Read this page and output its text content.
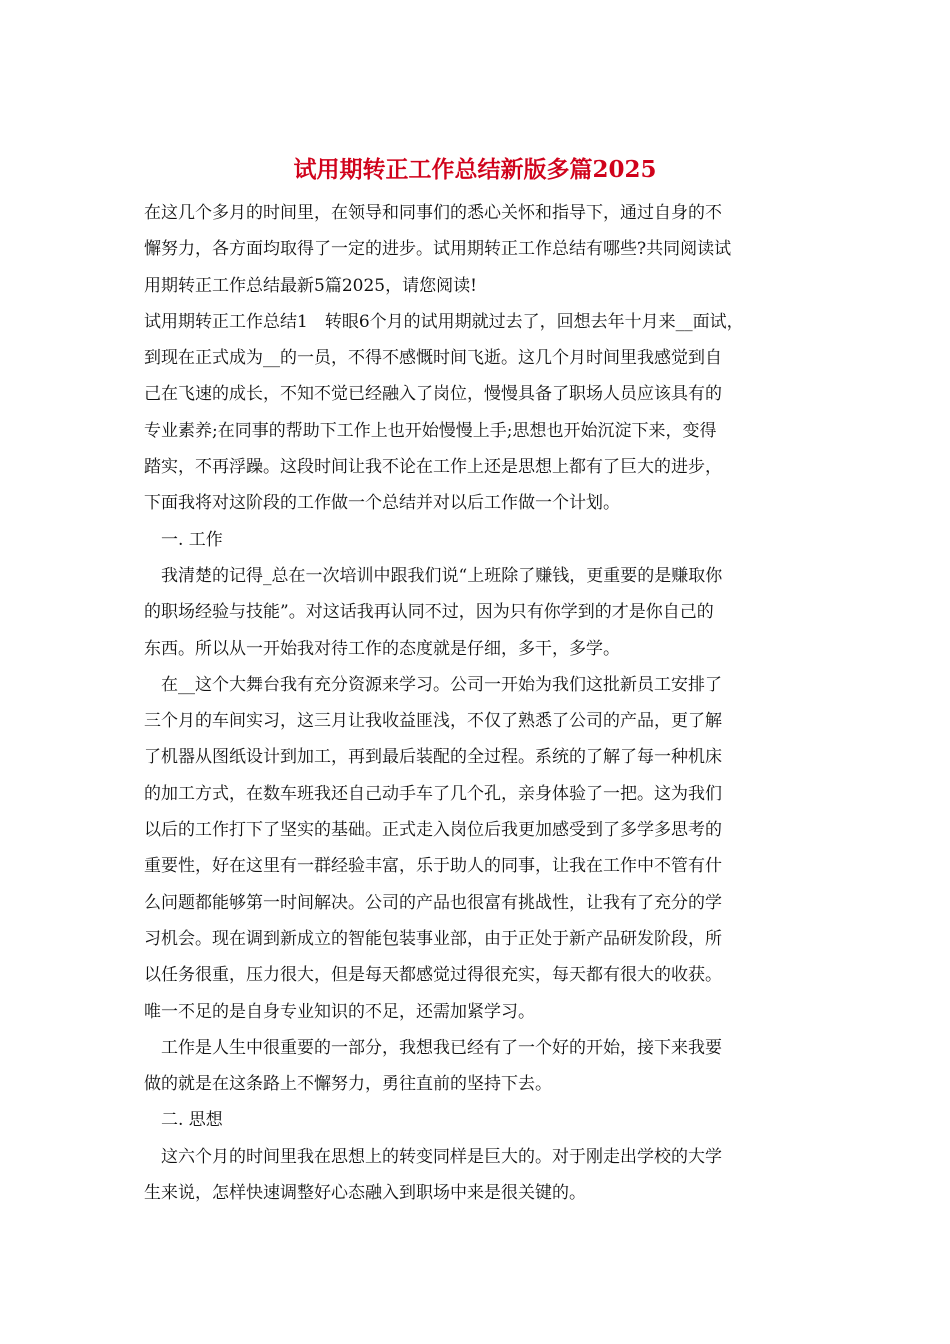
试用期转正工作总结新版多篇2025
在这几个多月的时间里，在领导和同事们的悉心关怀和指导下，通过自身的不
懈努力，各方面均取得了一定的进步。试用期转正工作总结有哪些?共同阅读试
用期转正工作总结最新5篇2025，请您阅读!
试用期转正工作总结1　转眼6个月的试用期就过去了，回想去年十月来__面试，
到现在正式成为__的一员，不得不感慨时间飞逝。这几个月时间里我感觉到自
己在飞速的成长，不知不觉已经融入了岗位，慢慢具备了职场人员应该具有的
专业素养;在同事的帮助下工作上也开始慢慢上手;思想也开始沉淀下来，变得
踏实，不再浮躁。这段时间让我不论在工作上还是思想上都有了巨大的进步，
下面我将对这阶段的工作做一个总结并对以后工作做一个计划。
一. 工作
我清楚的记得_总在一次培训中跟我们说“上班除了赚钱，更重要的是赚取你
的职场经验与技能”。对这话我再认同不过，因为只有你学到的才是你自己的
东西。所以从一开始我对待工作的态度就是仔细，多干，多学。
在__这个大舞台我有充分资源来学习。公司一开始为我们这批新员工安排了
三个月的车间实习，这三月让我收益匪浅，不仅了熟悉了公司的产品，更了解
了机器从图纸设计到加工，再到最后装配的全过程。系统的了解了每一种机床
的加工方式，在数车班我还自己动手车了几个孔，亲身体验了一把。这为我们
以后的工作打下了坚实的基础。正式走入岗位后我更加感受到了多学多思考的
重要性，好在这里有一群经验丰富，乐于助人的同事，让我在工作中不管有什
么问题都能够第一时间解决。公司的产品也很富有挑战性，让我有了充分的学
习机会。现在调到新成立的智能包装事业部，由于正处于新产品研发阶段，所
以任务很重，压力很大，但是每天都感觉过得很充实，每天都有很大的收获。
唯一不足的是自身专业知识的不足，还需加紧学习。
工作是人生中很重要的一部分，我想我已经有了一个好的开始，接下来我要
做的就是在这条路上不懈努力，勇往直前的坚持下去。
二. 思想
这六个月的时间里我在思想上的转变同样是巨大的。对于刚走出学校的大学
生来说，怎样快速调整好心态融入到职场中来是很关键的。
